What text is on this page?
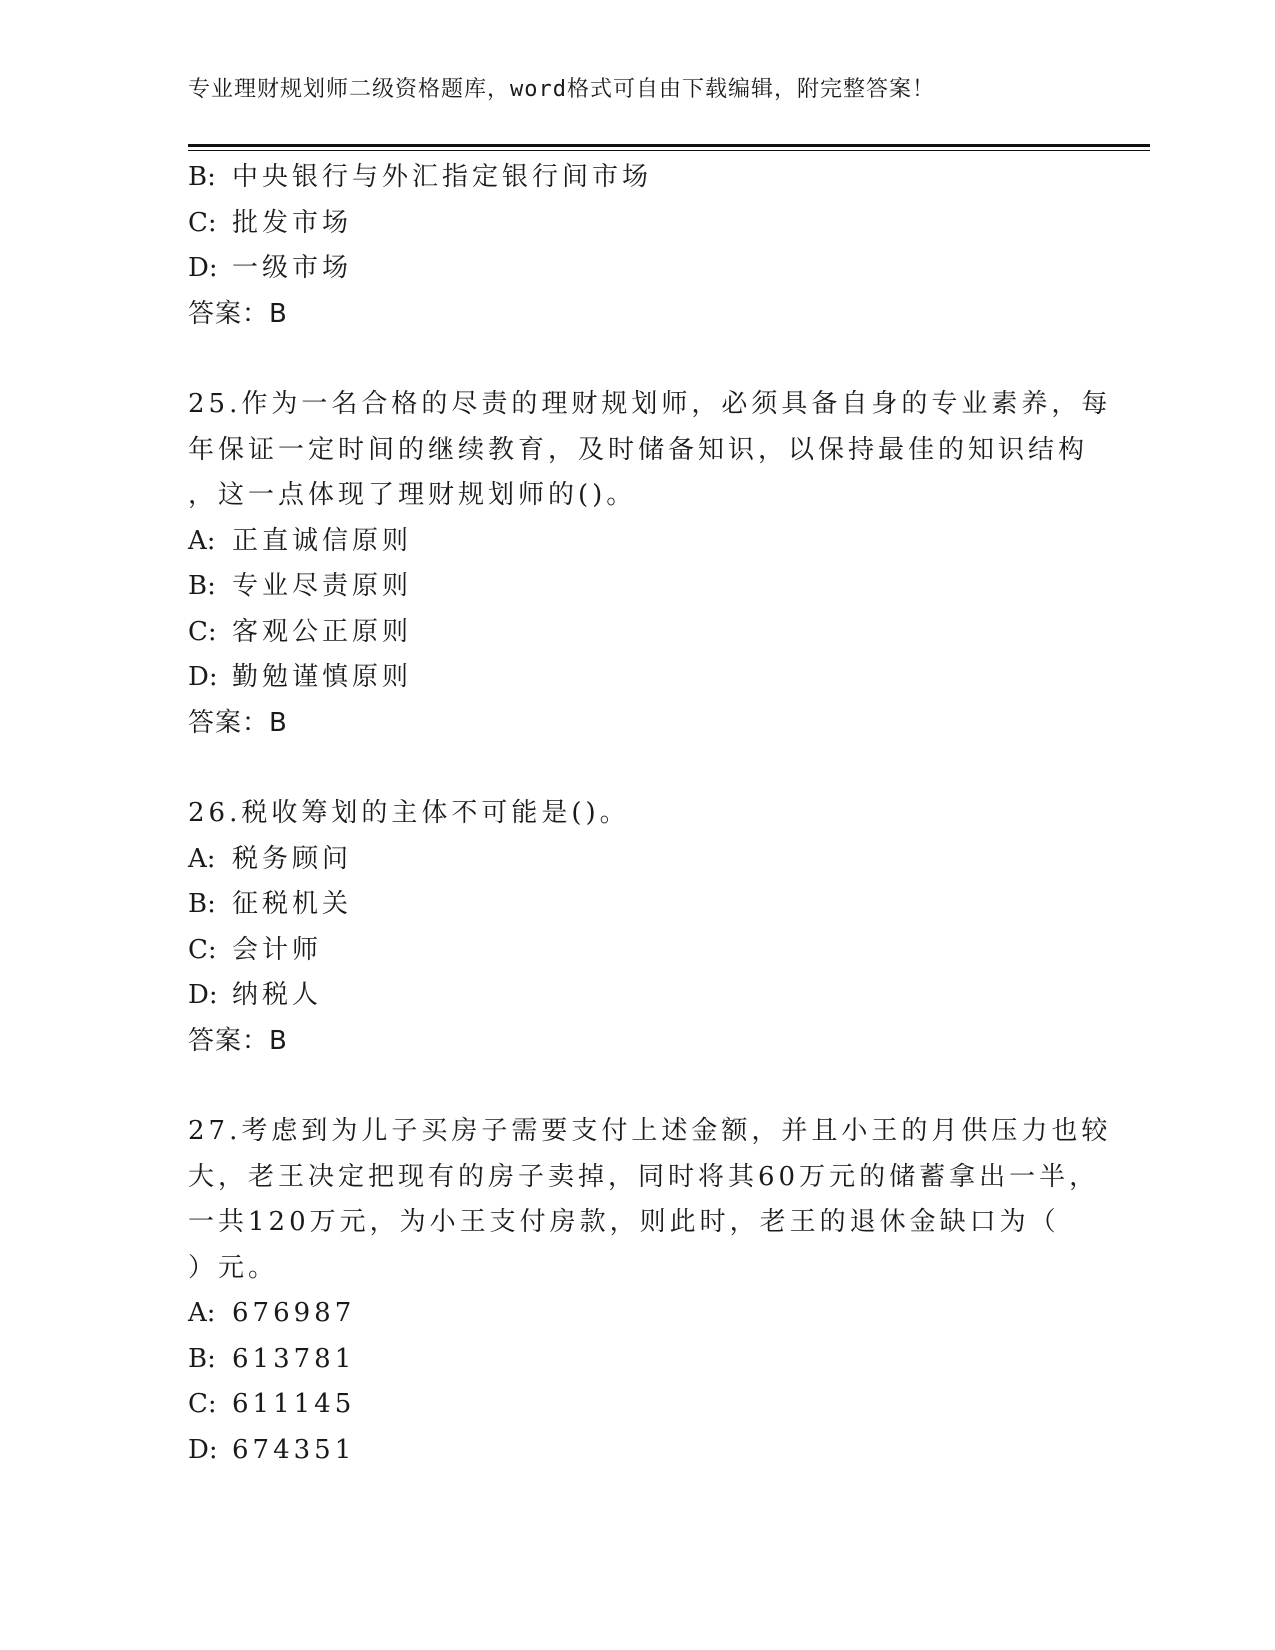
专业理财规划师二级资格题库，word格式可自由下载编辑，附完整答案！
B: 中央银行与外汇指定银行间市场
C: 批发市场
D: 一级市场
答案：B
25.作为一名合格的尽责的理财规划师，必须具备自身的专业素养，每
年保证一定时间的继续教育，及时储备知识，以保持最佳的知识结构
，这一点体现了理财规划师的()。
A: 正直诚信原则
B: 专业尽责原则
C: 客观公正原则
D: 勤勉谨慎原则
答案：B
26.税收筹划的主体不可能是()。
A: 税务顾问
B: 征税机关
C: 会计师
D: 纳税人
答案：B
27.考虑到为儿子买房子需要支付上述金额，并且小王的月供压力也较
大，老王决定把现有的房子卖掉，同时将其60万元的储蓄拿出一半，
一共120万元，为小王支付房款，则此时，老王的退休金缺口为（
）元。
A: 676987
B: 613781
C: 611145
D: 674351
